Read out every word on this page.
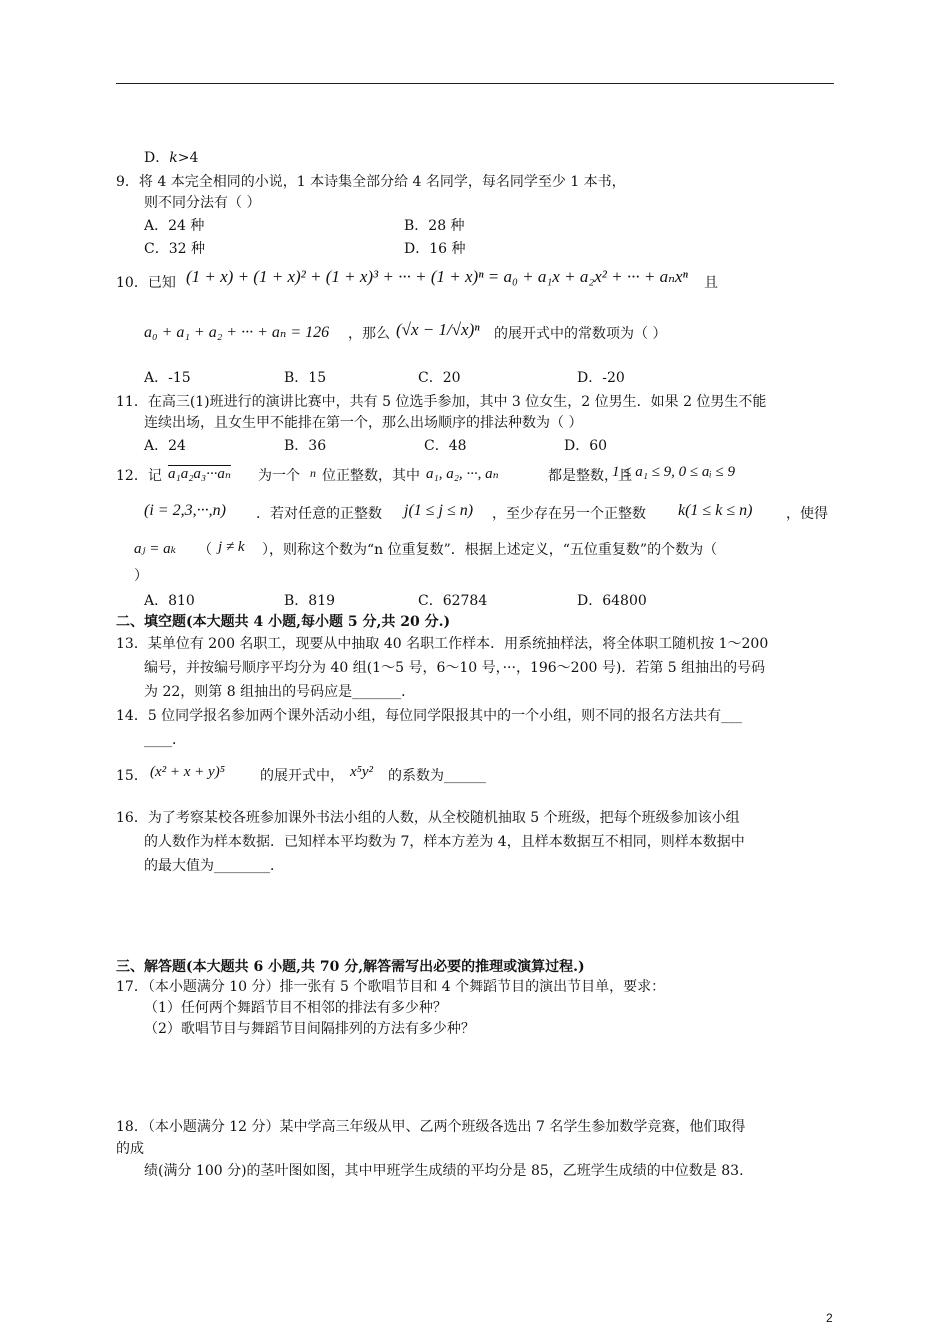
D．𝑘>4
9．将 4 本完全相同的小说，1 本诗集全部分给 4 名同学，每名同学至少 1 本书，
则不同分法有（ ）
A．24 种	B．28 种
C．32 种	D．16 种
10．已知 (1 + x) + (1 + x)² + (1 + x)³ + ··· + (1 + x)ⁿ = a₀ + a₁x + a₂x² + ··· + aₙxⁿ 且
a₀ + a₁ + a₂ + ··· + aₙ = 126 ，那么 (√x − 1/√x)ⁿ 的展开式中的常数项为（ ）
A．-15	B．15	C．20	D．-20
11．在高三(1)班进行的演讲比赛中，共有 5 位选手参加，其中 3 位女生，2 位男生．如果 2 位男生不能
连续出场，且女生甲不能排在第一个，那么出场顺序的排法种数为（ ）
A．24	B．36	C．48	D．60
12．记 a₁a₂a₃···aₙ 为一个 n 位正整数，其中 a₁, a₂, ···, aₙ	都是整数，且
1 ≤ a₁ ≤ 9, 0 ≤ aᵢ ≤ 9
(i = 2,3,···,n) ．若对任意的正整数 j(1 ≤ j ≤ n) ，至少存在另一个正整数 k(1 ≤ k ≤ n) ，使得
aⱼ = aₖ （ j ≠ k ），则称这个数为“n 位重复数”．根据上述定义，“五位重复数”的个数为（
）
A．810	B．819	C．62784	D．64800
二、填空题(本大题共 4 小题,每小题 5 分,共 20 分.)
13．某单位有 200 名职工，现要从中抽取 40 名职工作样本．用系统抽样法，将全体职工随机按 1～200
编号，并按编号顺序平均分为 40 组(1～5 号，6～10 号，···，196～200 号)．若第 5 组抽出的号码
为 22，则第 8 组抽出的号码应是_______．
14．5 位同学报名参加两个课外活动小组，每位同学限报其中的一个小组，则不同的报名方法共有___
____．
15． (x² + x + y)⁵	的展开式中， x⁵y² 的系数为______
16．为了考察某校各班参加课外书法小组的人数，从全校随机抽取 5 个班级，把每个班级参加该小组
的人数作为样本数据．已知样本平均数为 7，样本方差为 4，且样本数据互不相同，则样本数据中
的最大值为________．
三、解答题(本大题共 6 小题,共 70 分,解答需写出必要的推理或演算过程.)
17．（本小题满分 10 分）排一张有 5 个歌唱节目和 4 个舞蹈节目的演出节目单，要求：
（1）任何两个舞蹈节目不相邻的排法有多少种？
（2）歌唱节目与舞蹈节目间隔排列的方法有多少种？
18．（本小题满分 12 分）某中学高三年级从甲、乙两个班级各选出 7 名学生参加数学竞赛，他们取得
的成
绩(满分 100 分)的茎叶图如图，其中甲班学生成绩的平均分是 85，乙班学生成绩的中位数是 83.
2
